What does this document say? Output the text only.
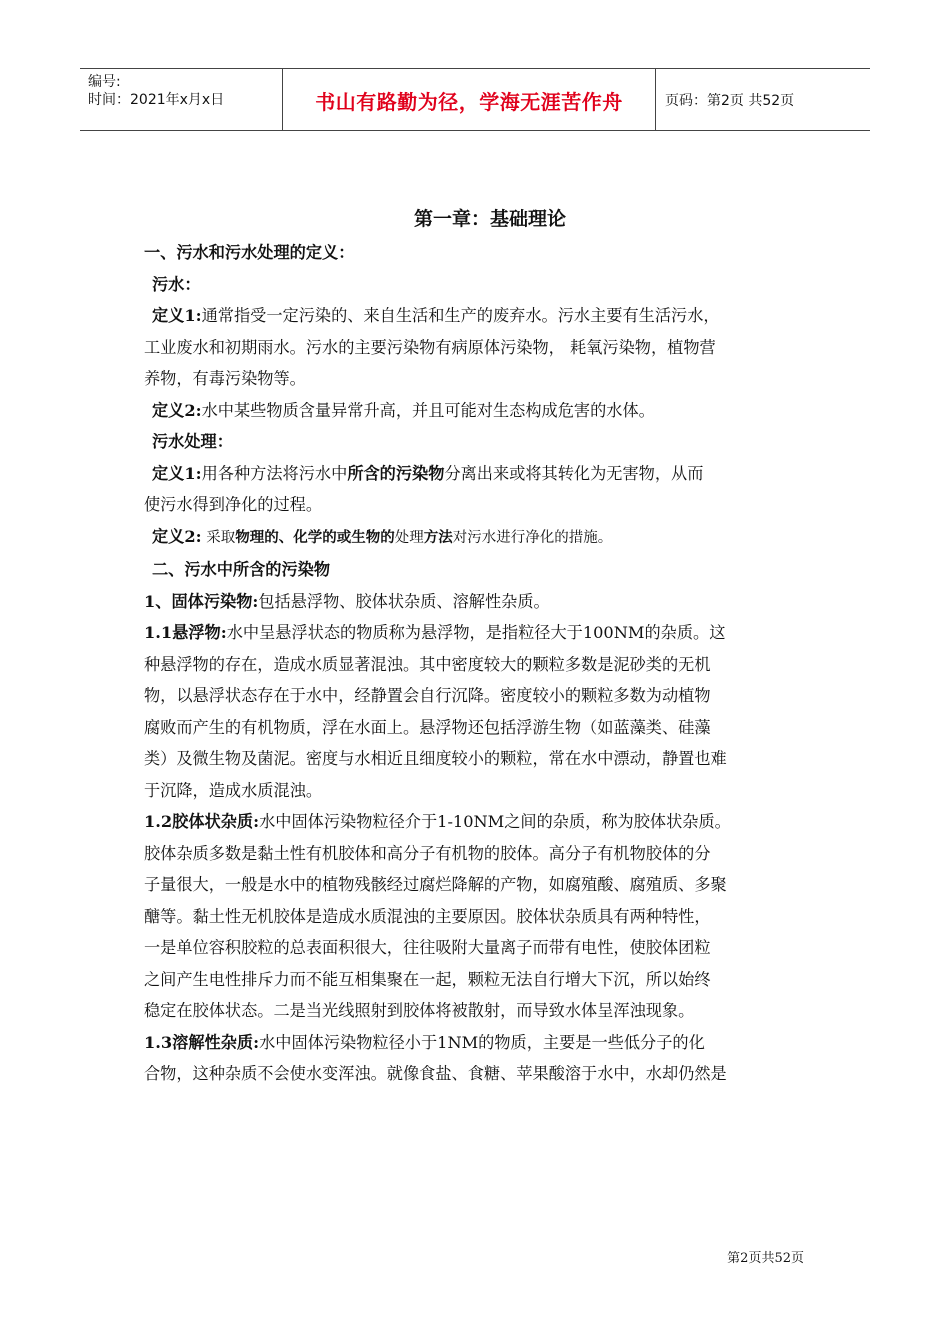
编号:
时间：2021年x月x日	书山有路勤为径，学海无涯苦作舟	页码：第2页 共52页
第一章：基础理论
一、污水和污水处理的定义：
污水：
定义1:通常指受一定污染的、来自生活和生产的废弃水。污水主要有生活污水，
工业废水和初期雨水。污水的主要污染物有病原体污染物， 耗氧污染物，植物营
养物，有毒污染物等。
定义2:水中某些物质含量异常升高，并且可能对生态构成危害的水体。
污水处理：
定义1:用各种方法将污水中所含的污染物分离出来或将其转化为无害物，从而
使污水得到净化的过程。
定义2: 采取物理的、化学的或生物的处理方法对污水进行净化的措施。
二、污水中所含的污染物
1、固体污染物:包括悬浮物、胶体状杂质、溶解性杂质。
1.1悬浮物:水中呈悬浮状态的物质称为悬浮物，是指粒径大于100NM的杂质。这
种悬浮物的存在，造成水质显著混浊。其中密度较大的颗粒多数是泥砂类的无机
物，以悬浮状态存在于水中，经静置会自行沉降。密度较小的颗粒多数为动植物
腐败而产生的有机物质，浮在水面上。悬浮物还包括浮游生物（如蓝藻类、硅藻
类）及微生物及菌泥。密度与水相近且细度较小的颗粒，常在水中漂动，静置也难
于沉降，造成水质混浊。
1.2胶体状杂质:水中固体污染物粒径介于1-10NM之间的杂质，称为胶体状杂质。
胶体杂质多数是黏土性有机胶体和高分子有机物的胶体。高分子有机物胶体的分
子量很大，一般是水中的植物残骸经过腐烂降解的产物，如腐殖酸、腐殖质、多聚
醣等。黏土性无机胶体是造成水质混浊的主要原因。胶体状杂质具有两种特性，
一是单位容积胶粒的总表面积很大，往往吸附大量离子而带有电性，使胶体团粒
之间产生电性排斥力而不能互相集聚在一起，颗粒无法自行增大下沉，所以始终
稳定在胶体状态。二是当光线照射到胶体将被散射，而导致水体呈浑浊现象。
1.3溶解性杂质:水中固体污染物粒径小于1NM的物质，主要是一些低分子的化
合物，这种杂质不会使水变浑浊。就像食盐、食糖、苹果酸溶于水中，水却仍然是
第2页共52页
